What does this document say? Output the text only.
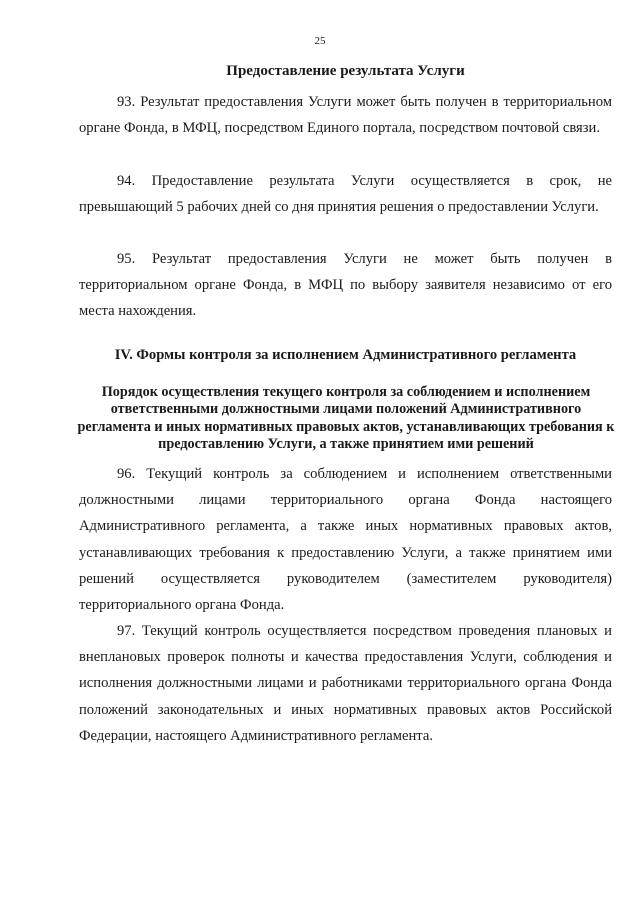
25

Предоставление результата Услуги

93. Результат предоставления Услуги может быть получен в территориальном органе Фонда, в МФЦ, посредством Единого портала, посредством почтовой связи.

94. Предоставление результата Услуги осуществляется в срок, не превышающий 5 рабочих дней со дня принятия решения о предоставлении Услуги.

95. Результат предоставления Услуги не может быть получен в территориальном органе Фонда, в МФЦ по выбору заявителя независимо от его места нахождения.

IV. Формы контроля за исполнением Административного регламента

Порядок осуществления текущего контроля за соблюдением и исполнением ответственными должностными лицами положений Административного регламента и иных нормативных правовых актов, устанавливающих требования к предоставлению Услуги, а также принятием ими решений

96. Текущий контроль за соблюдением и исполнением ответственными должностными лицами территориального органа Фонда настоящего Административного регламента, а также иных нормативных правовых актов, устанавливающих требования к предоставлению Услуги, а также принятием ими решений осуществляется руководителем (заместителем руководителя) территориального органа Фонда.

97. Текущий контроль осуществляется посредством проведения плановых и внеплановых проверок полноты и качества предоставления Услуги, соблюдения и исполнения должностными лицами и работниками территориального органа Фонда положений законодательных и иных нормативных правовых актов Российской Федерации, настоящего Административного регламента.
